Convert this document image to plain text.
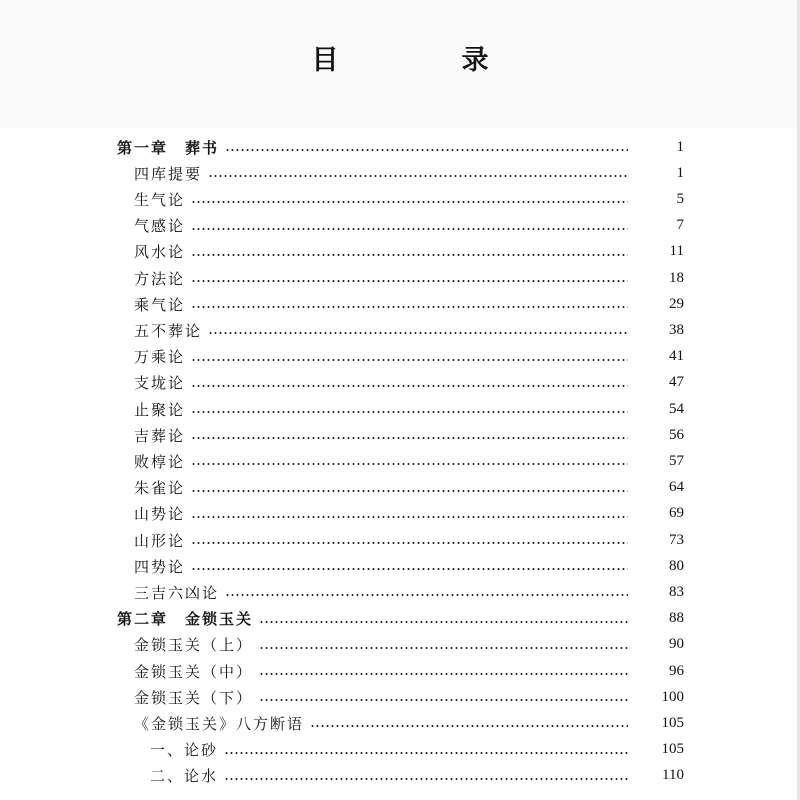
目　录
第一章　葬书	1
四库提要	1
生气论	5
气感论	7
风水论	11
方法论	18
乘气论	29
五不葬论	38
万乘论	41
支垅论	47
止聚论	54
吉葬论	56
败椁论	57
朱雀论	64
山势论	69
山形论	73
四势论	80
三吉六凶论	83
第二章　金锁玉关	88
金锁玉关（上）	90
金锁玉关（中）	96
金锁玉关（下）	100
《金锁玉关》八方断语	105
一、论砂	105
二、论水	110
